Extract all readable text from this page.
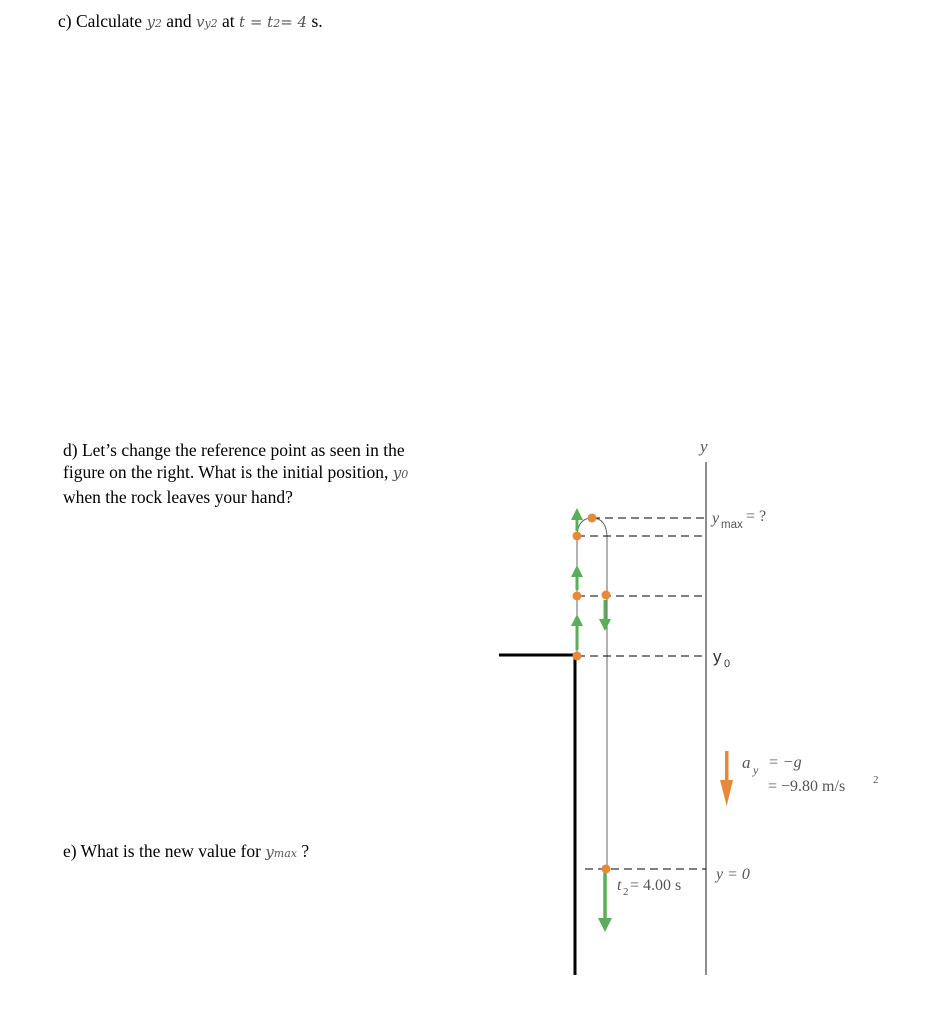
c) Calculate y2 and vy2 at t = t2= 4 s.
d) Let’s change the reference point as seen in the
figure on the right. What is the initial position, y0
when the rock leaves your hand?
e) What is the new value for ymax ?
y
y max = ?
y 0
a y = −g
= −9.80 m/s	2
y = 0
t 2 = 4.00 s
